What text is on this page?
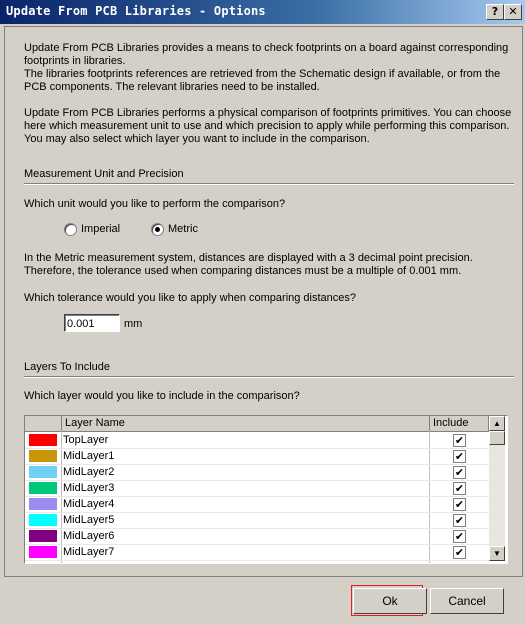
Update From PCB Libraries - Options	? ✕
Update From PCB Libraries provides a means to check footprints on a board against corresponding footprints in libraries.
The libraries footprints references are retrieved from the Schematic design if available, or from the PCB components. The relevant libraries need to be installed.
Update From PCB Libraries performs a physical comparison of footprints primitives. You can choose here which measurement unit to use and which precision to apply while performing this comparison. You may also select which layer you want to include in the comparison.
Measurement Unit and Precision
Which unit would you like to perform the comparison?
Imperial	Metric
In the Metric measurement system, distances are displayed with a 3 decimal point precision. Therefore, the tolerance used when comparing distances must be a multiple of 0.001 mm.
Which tolerance would you like to apply when comparing distances?
0.001	mm
Layers To Include
Which layer would you like to include in the comparison?
Layer Name	Include
TopLayer	✔
MidLayer1	✔
MidLayer2	✔
MidLayer3	✔
MidLayer4	✔
MidLayer5	✔
MidLayer6	✔
MidLayer7	✔
▲
▼
Ok	Cancel
